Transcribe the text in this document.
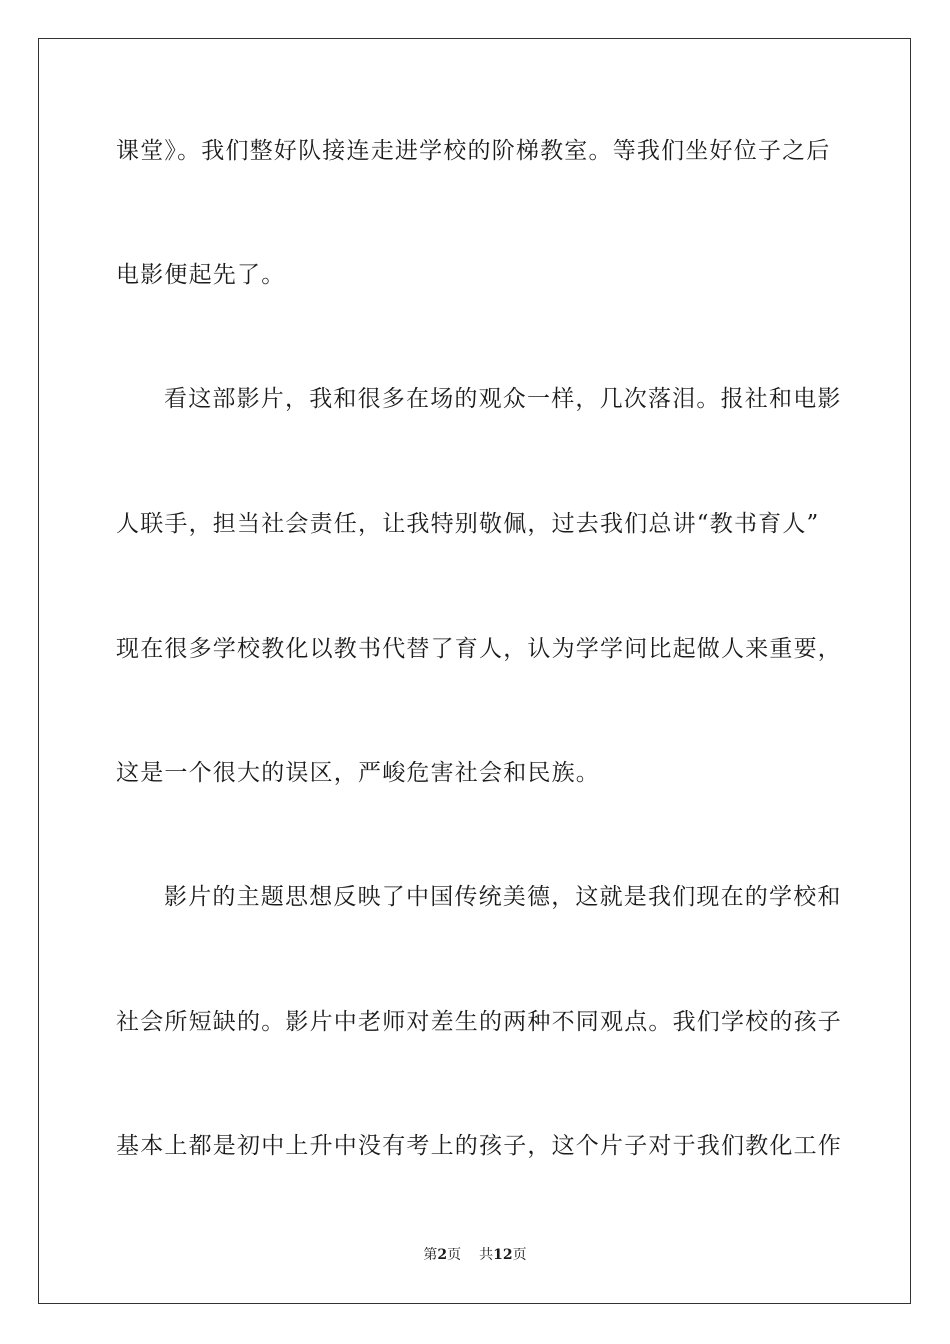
课堂》。我们整好队接连走进学校的阶梯教室。等我们坐好位子之后
电影便起先了。
看这部影片，我和很多在场的观众一样，几次落泪。报社和电影
人联手，担当社会责任，让我特别敬佩，过去我们总讲“教书育人”
现在很多学校教化以教书代替了育人，认为学学问比起做人来重要，
这是一个很大的误区，严峻危害社会和民族。
影片的主题思想反映了中国传统美德，这就是我们现在的学校和
社会所短缺的。影片中老师对差生的两种不同观点。我们学校的孩子
基本上都是初中上升中没有考上的孩子，这个片子对于我们教化工作
第2页 共12页
